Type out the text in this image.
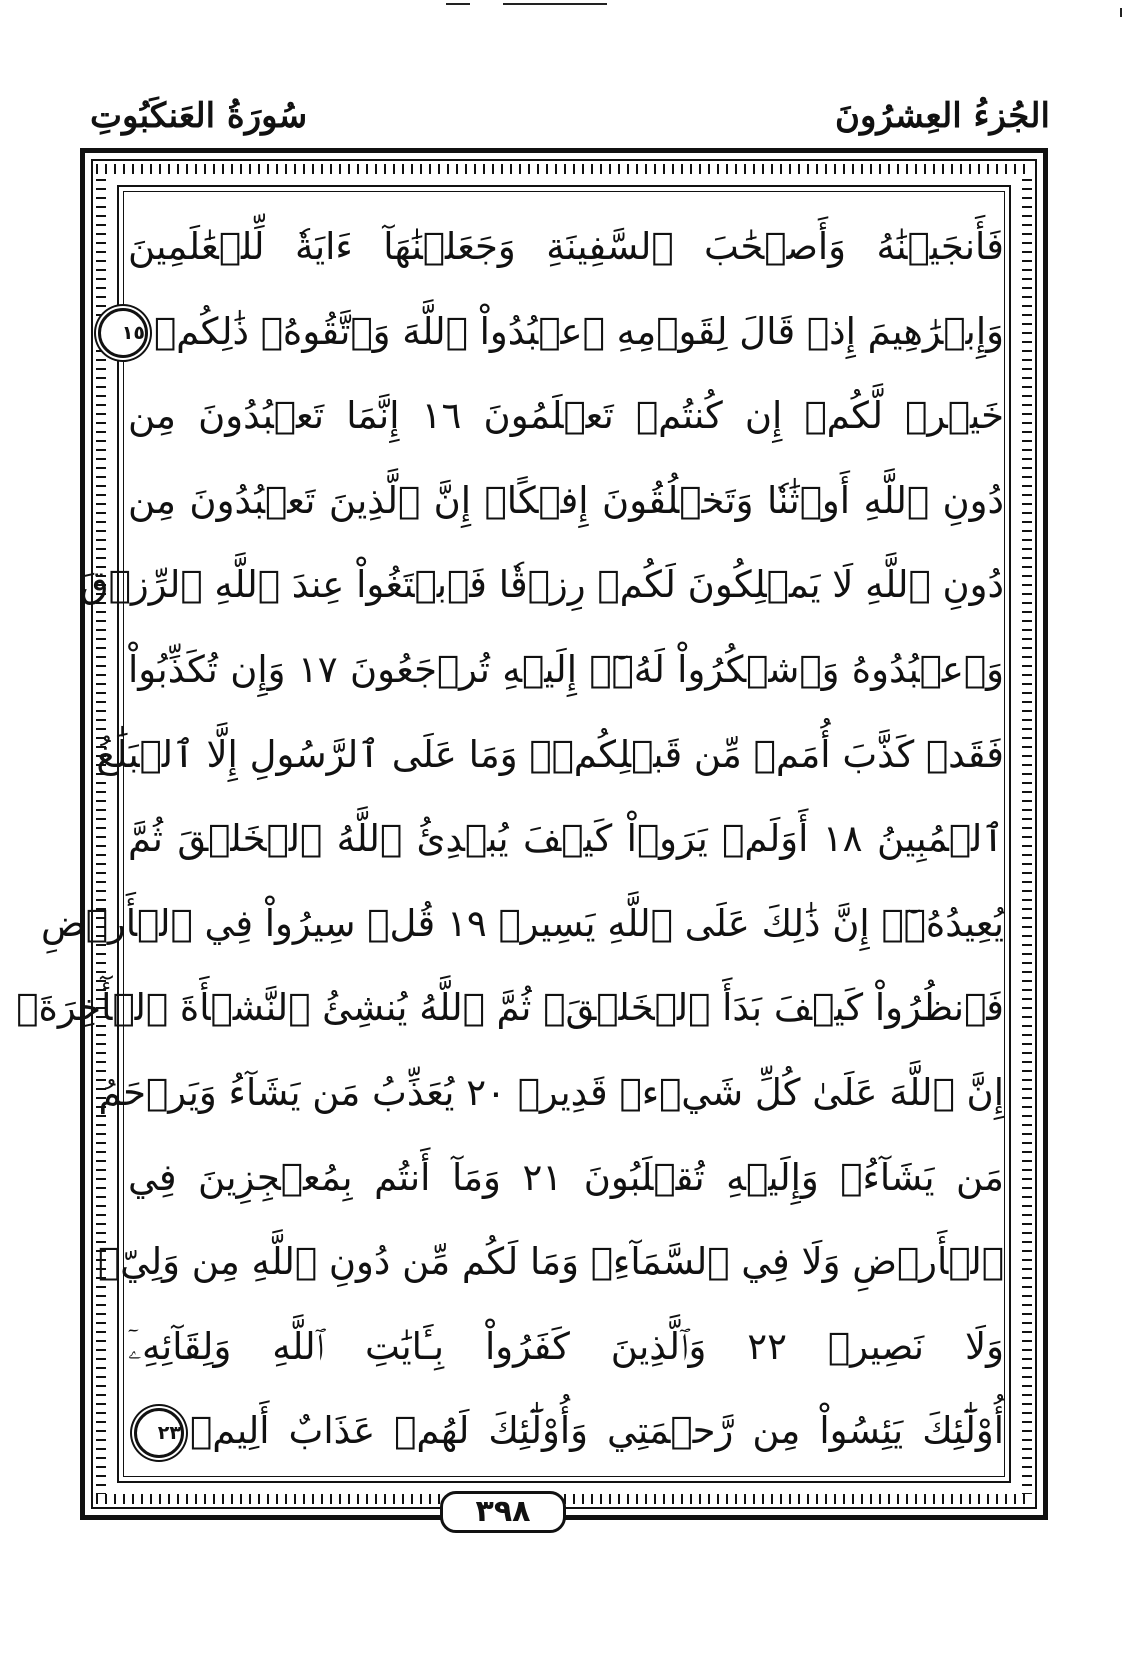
سُورَةُ العَنكَبُوتِ	الجُزءُ العِشرُونَ
فَأَنجَيۡنَٰهُ وَأَصۡحَٰبَ ٱلسَّفِينَةِ وَجَعَلۡنَٰهَآ ءَايَةٗ لِّلۡعَٰلَمِينَ
وَإِبۡرَٰهِيمَ إِذۡ قَالَ لِقَوۡمِهِ ٱعۡبُدُواْ ٱللَّهَ وَٱتَّقُوهُۖ ذَٰلِكُمۡ١٥
خَيۡرٞ لَّكُمۡ إِن كُنتُمۡ تَعۡلَمُونَ ١٦ إِنَّمَا تَعۡبُدُونَ مِن
دُونِ ٱللَّهِ أَوۡثَٰنٗا وَتَخۡلُقُونَ إِفۡكًاۚ إِنَّ ٱلَّذِينَ تَعۡبُدُونَ مِن
دُونِ ٱللَّهِ لَا يَمۡلِكُونَ لَكُمۡ رِزۡقٗا فَٱبۡتَغُواْ عِندَ ٱللَّهِ ٱلرِّزۡقَ
وَٱعۡبُدُوهُ وَٱشۡكُرُواْ لَهُۥٓۖ إِلَيۡهِ تُرۡجَعُونَ ١٧ وَإِن تُكَذِّبُواْ
فَقَدۡ كَذَّبَ أُمَمٞ مِّن قَبۡلِكُمۡۖ وَمَا عَلَى ٱلرَّسُولِ إِلَّا ٱلۡبَلَٰغُ
ٱلۡمُبِينُ ١٨ أَوَلَمۡ يَرَوۡاْ كَيۡفَ يُبۡدِئُ ٱللَّهُ ٱلۡخَلۡقَ ثُمَّ
يُعِيدُهُۥٓۚ إِنَّ ذَٰلِكَ عَلَى ٱللَّهِ يَسِيرٞ ١٩ قُلۡ سِيرُواْ فِي ٱلۡأَرۡضِ
فَٱنظُرُواْ كَيۡفَ بَدَأَ ٱلۡخَلۡقَۚ ثُمَّ ٱللَّهُ يُنشِئُ ٱلنَّشۡأَةَ ٱلۡأٓخِرَةَۚ
إِنَّ ٱللَّهَ عَلَىٰ كُلِّ شَيۡءٖ قَدِيرٞ ٢٠ يُعَذِّبُ مَن يَشَآءُ وَيَرۡحَمُ
مَن يَشَآءُۖ وَإِلَيۡهِ تُقۡلَبُونَ ٢١ وَمَآ أَنتُم بِمُعۡجِزِينَ فِي
ٱلۡأَرۡضِ وَلَا فِي ٱلسَّمَآءِۖ وَمَا لَكُم مِّن دُونِ ٱللَّهِ مِن وَلِيّٖ
وَلَا نَصِيرٖ ٢٢ وَٱلَّذِينَ كَفَرُواْ بِـَٔايَٰتِ ٱللَّهِ وَلِقَآئِهِۦٓ
أُوْلَٰٓئِكَ يَئِسُواْ مِن رَّحۡمَتِي وَأُوْلَٰٓئِكَ لَهُمۡ عَذَابٌ أَلِيمٞ٢٣
٣٩٨
